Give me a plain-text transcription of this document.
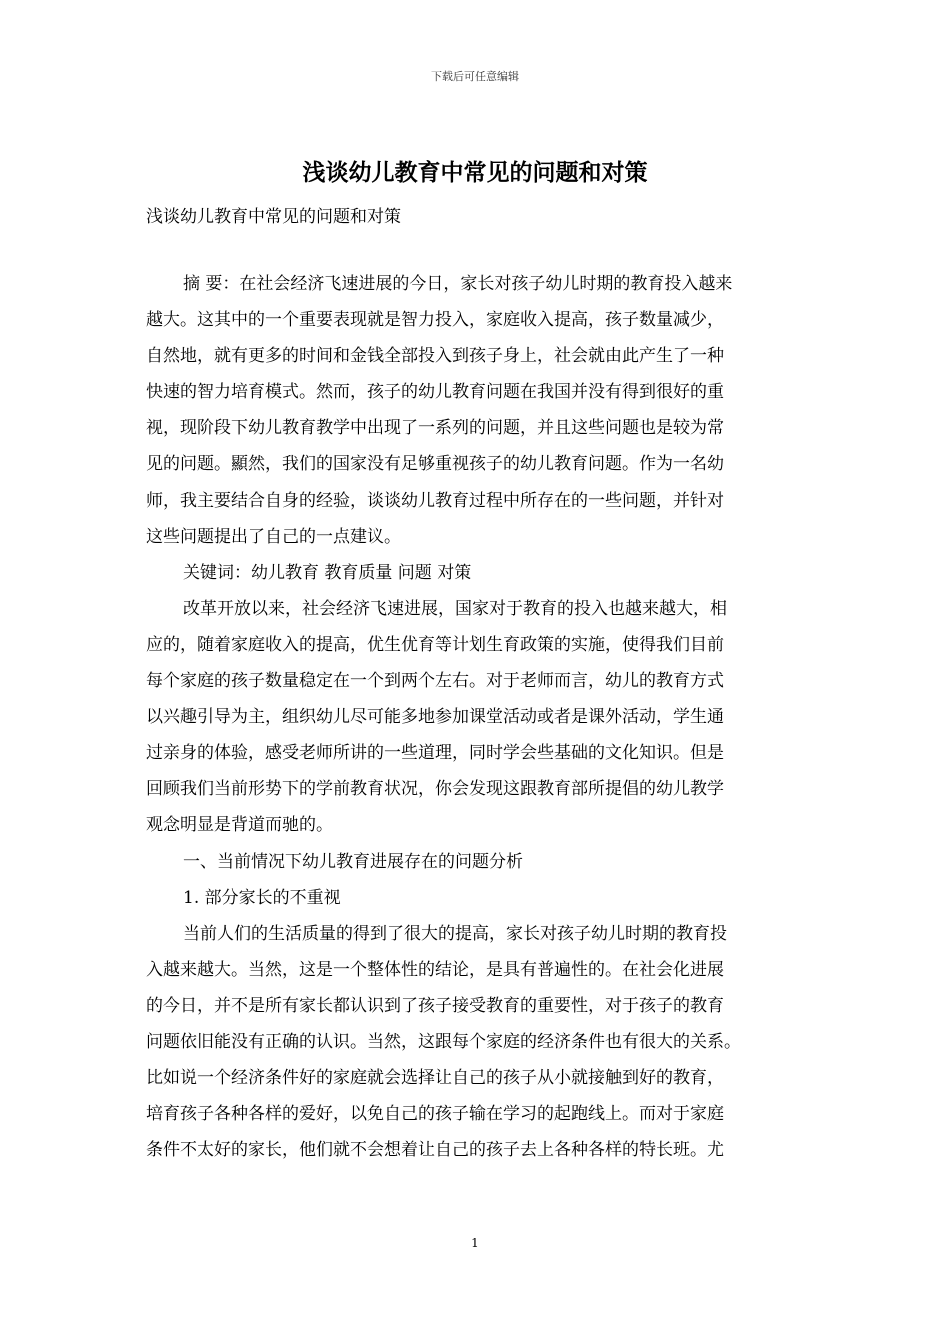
下载后可任意编辑
浅谈幼儿教育中常见的问题和对策
浅谈幼儿教育中常见的问题和对策
摘 要：在社会经济飞速进展的今日，家长对孩子幼儿时期的教育投入越来
越大。这其中的一个重要表现就是智力投入，家庭收入提高，孩子数量减少，
自然地，就有更多的时间和金钱全部投入到孩子身上，社会就由此产生了一种
快速的智力培育模式。然而，孩子的幼儿教育问题在我国并没有得到很好的重
视，现阶段下幼儿教育教学中出现了一系列的问题，并且这些问题也是较为常
见的问题。顯然，我们的国家没有足够重视孩子的幼儿教育问题。作为一名幼
师，我主要结合自身的经验，谈谈幼儿教育过程中所存在的一些问题，并针对
这些问题提出了自己的一点建议。
关键词：幼儿教育 教育质量 问题 对策
改革开放以来，社会经济飞速进展，国家对于教育的投入也越来越大，相
应的，随着家庭收入的提高，优生优育等计划生育政策的实施，使得我们目前
每个家庭的孩子数量稳定在一个到两个左右。对于老师而言，幼儿的教育方式
以兴趣引导为主，组织幼儿尽可能多地参加课堂活动或者是课外活动，学生通
过亲身的体验，感受老师所讲的一些道理，同时学会些基础的文化知识。但是
回顾我们当前形势下的学前教育状况，你会发现这跟教育部所提倡的幼儿教学
观念明显是背道而驰的。
一、当前情况下幼儿教育进展存在的问题分析
1. 部分家长的不重视
当前人们的生活质量的得到了很大的提高，家长对孩子幼儿时期的教育投
入越来越大。当然，这是一个整体性的结论，是具有普遍性的。在社会化进展
的今日，并不是所有家长都认识到了孩子接受教育的重要性，对于孩子的教育
问题依旧能没有正确的认识。当然，这跟每个家庭的经济条件也有很大的关系。
比如说一个经济条件好的家庭就会选择让自己的孩子从小就接触到好的教育，
培育孩子各种各样的爱好，以免自己的孩子输在学习的起跑线上。而对于家庭
条件不太好的家长，他们就不会想着让自己的孩子去上各种各样的特长班。尤
1
